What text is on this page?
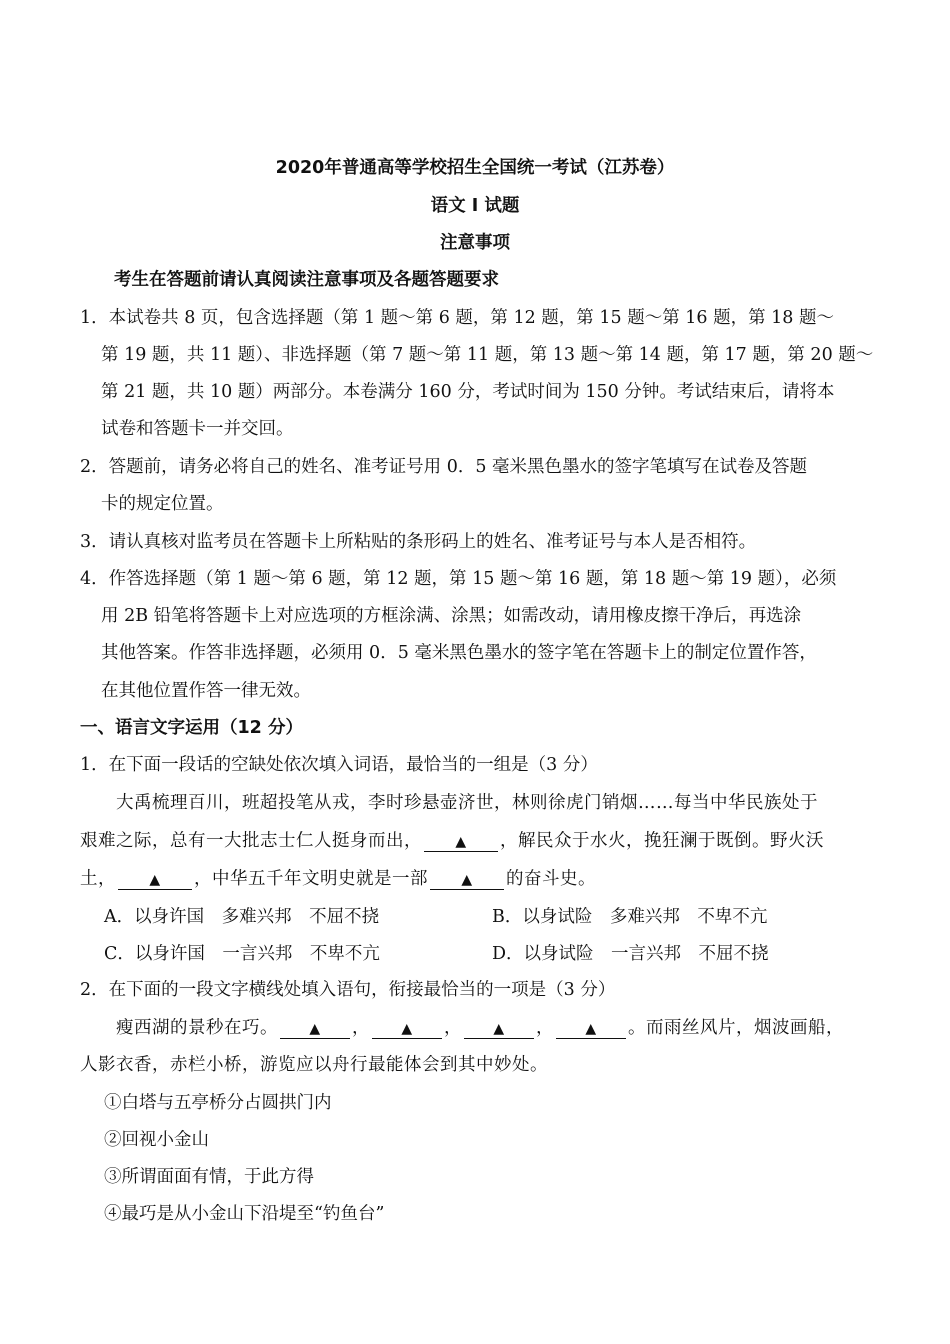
2020年普通高等学校招生全国统一考试（江苏卷）
语文 I 试题
注意事项
考生在答题前请认真阅读注意事项及各题答题要求
1．本试卷共 8 页，包含选择题（第 1 题～第 6 题，第 12 题，第 15 题～第 16 题，第 18 题～
第 19 题，共 11 题）、非选择题（第 7 题～第 11 题，第 13 题～第 14 题，第 17 题，第 20 题～
第 21 题，共 10 题）两部分。本卷满分 160 分，考试时间为 150 分钟。考试结束后，请将本
试卷和答题卡一并交回。
2．答题前，请务必将自己的姓名、准考证号用 0．5 毫米黑色墨水的签字笔填写在试卷及答题
卡的规定位置。
3．请认真核对监考员在答题卡上所粘贴的条形码上的姓名、准考证号与本人是否相符。
4．作答选择题（第 1 题～第 6 题，第 12 题，第 15 题～第 16 题，第 18 题～第 19 题），必须
用 2B 铅笔将答题卡上对应选项的方框涂满、涂黑；如需改动，请用橡皮擦干净后，再选涂
其他答案。作答非选择题，必须用 0．5 毫米黑色墨水的签字笔在答题卡上的制定位置作答，
在其他位置作答一律无效。
一、语言文字运用（12 分）
1．在下面一段话的空缺处依次填入词语，最恰当的一组是（3 分）
大禹梳理百川，班超投笔从戎，李时珍悬壶济世，林则徐虎门销烟……每当中华民族处于
艰难之际，总有一大批志士仁人挺身而出， ▲ ，解民众于水火，挽狂澜于既倒。野火沃
土， ▲ ，中华五千年文明史就是一部 ▲ 的奋斗史。
A．以身许国　多难兴邦　不屈不挠	B．以身试险　多难兴邦　不卑不亢
C．以身许国　一言兴邦　不卑不亢	D．以身试险　一言兴邦　不屈不挠
2．在下面的一段文字横线处填入语句，衔接最恰当的一项是（3 分）
瘦西湖的景秒在巧。 ▲ ， ▲ ， ▲ ， ▲ 。而雨丝风片，烟波画船，
人影衣香，赤栏小桥，游览应以舟行最能体会到其中妙处。
①白塔与五亭桥分占圆拱门内
②回视小金山
③所谓面面有情，于此方得
④最巧是从小金山下沿堤至“钓鱼台”
